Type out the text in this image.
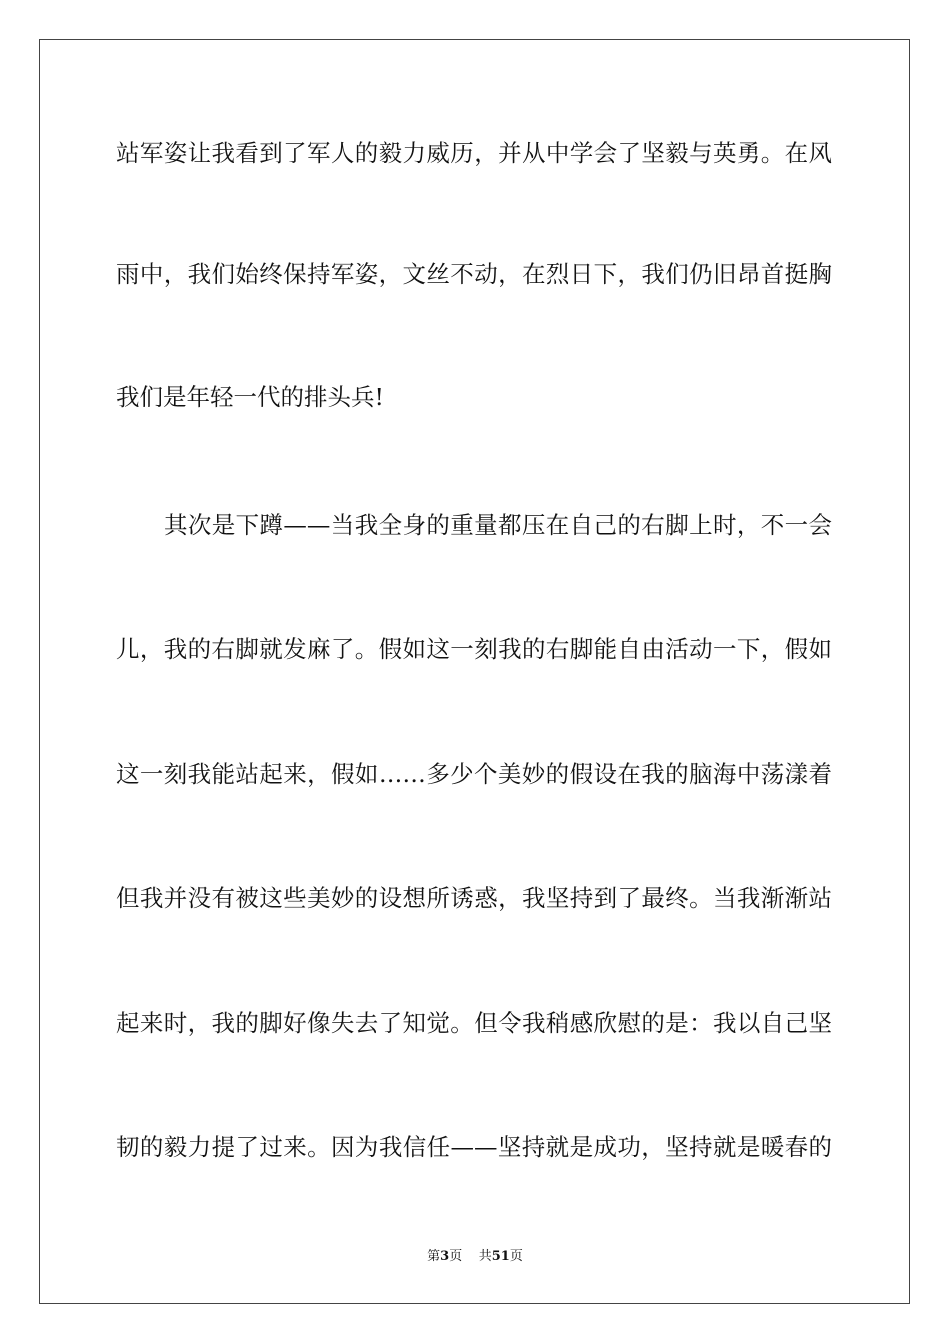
站军姿让我看到了军人的毅力威历，并从中学会了坚毅与英勇。在风
雨中，我们始终保持军姿，文丝不动，在烈日下，我们仍旧昂首挺胸
我们是年轻一代的排头兵!
其次是下蹲——当我全身的重量都压在自己的右脚上时，不一会
儿，我的右脚就发麻了。假如这一刻我的右脚能自由活动一下，假如
这一刻我能站起来，假如……多少个美妙的假设在我的脑海中荡漾着
但我并没有被这些美妙的设想所诱惑，我坚持到了最终。当我渐渐站
起来时，我的脚好像失去了知觉。但令我稍感欣慰的是：我以自己坚
韧的毅力提了过来。因为我信任——坚持就是成功，坚持就是暖春的
第3页 共51页
